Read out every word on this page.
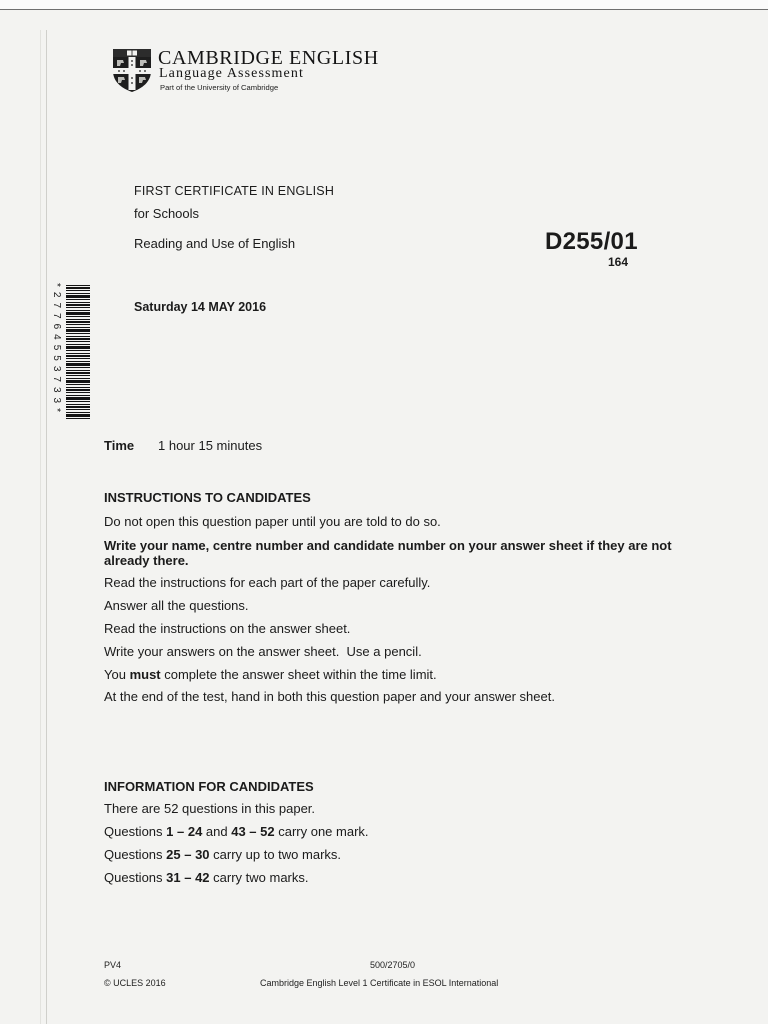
CAMBRIDGE ENGLISH
Language Assessment
Part of the University of Cambridge
FIRST CERTIFICATE IN ENGLISH
for Schools
Reading and Use of English	D255/01
164
Saturday 14 MAY 2016
*27764553733*
Time 1 hour 15 minutes
INSTRUCTIONS TO CANDIDATES
Do not open this question paper until you are told to do so.
Write your name, centre number and candidate number on your answer sheet if they are not already there.
Read the instructions for each part of the paper carefully.
Answer all the questions.
Read the instructions on the answer sheet.
Write your answers on the answer sheet.  Use a pencil.
You must complete the answer sheet within the time limit.
At the end of the test, hand in both this question paper and your answer sheet.
INFORMATION FOR CANDIDATES
There are 52 questions in this paper.
Questions 1 – 24 and 43 – 52 carry one mark.
Questions 25 – 30 carry up to two marks.
Questions 31 – 42 carry two marks.
PV4	500/2705/0
© UCLES 2016	Cambridge English Level 1 Certificate in ESOL International
